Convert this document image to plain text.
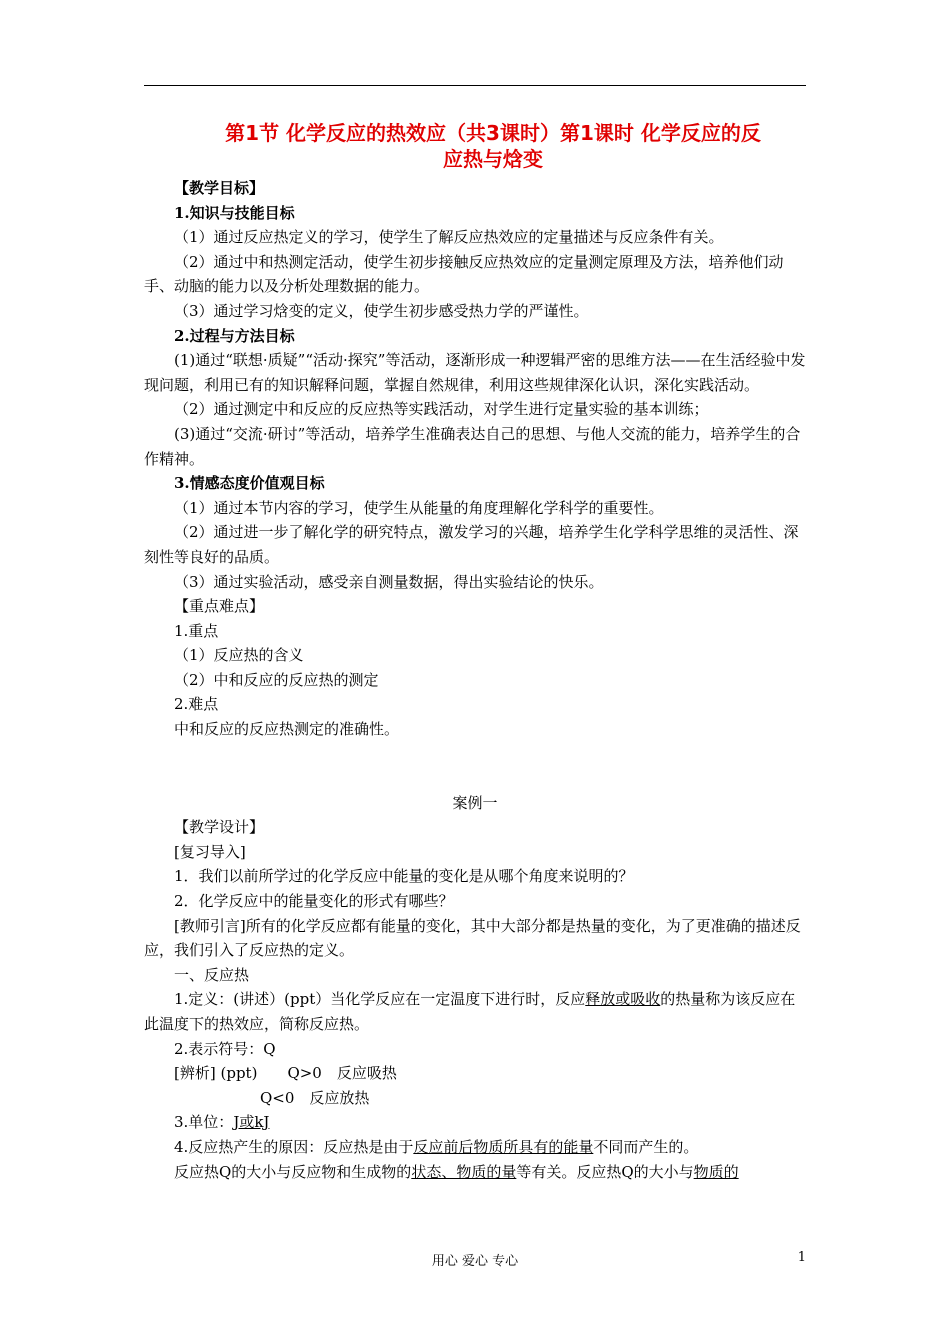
第1节 化学反应的热效应（共3课时）第1课时 化学反应的反
应热与焓变

【教学目标】

1.知识与技能目标

（1）通过反应热定义的学习，使学生了解反应热效应的定量描述与反应条件有关。

（2）通过中和热测定活动，使学生初步接触反应热效应的定量测定原理及方法，培养他们动手、动脑的能力以及分析处理数据的能力。

（3）通过学习焓变的定义，使学生初步感受热力学的严谨性。

2.过程与方法目标

(1)通过“联想·质疑”“活动·探究”等活动，逐渐形成一种逻辑严密的思维方法——在生活经验中发现问题，利用已有的知识解释问题，掌握自然规律，利用这些规律深化认识，深化实践活动。

（2）通过测定中和反应的反应热等实践活动，对学生进行定量实验的基本训练；

(3)通过“交流·研讨”等活动，培养学生准确表达自己的思想、与他人交流的能力，培养学生的合作精神。

3.情感态度价值观目标

（1）通过本节内容的学习，使学生从能量的角度理解化学科学的重要性。

（2）通过进一步了解化学的研究特点，激发学习的兴趣，培养学生化学科学思维的灵活性、深刻性等良好的品质。

（3）通过实验活动，感受亲自测量数据，得出实验结论的快乐。

【重点难点】

1.重点

（1）反应热的含义

（2）中和反应的反应热的测定

2.难点

中和反应的反应热测定的准确性。

案例一

【教学设计】

[复习导入]

1．我们以前所学过的化学反应中能量的变化是从哪个角度来说明的？

2．化学反应中的能量变化的形式有哪些？

[教师引言]所有的化学反应都有能量的变化，其中大部分都是热量的变化，为了更准确的描述反应，我们引入了反应热的定义。

一、反应热

1.定义：(讲述）(ppt）当化学反应在一定温度下进行时，反应释放或吸收的热量称为该反应在此温度下的热效应，简称反应热。

2.表示符号：Q

[辨析] (ppt) Q>0　反应吸热

Q<0　反应放热

3.单位：J或kJ

4.反应热产生的原因：反应热是由于反应前后物质所具有的能量不同而产生的。

反应热Q的大小与反应物和生成物的状态、物质的量等有关。反应热Q的大小与物质的

用心 爱心 专心	1
